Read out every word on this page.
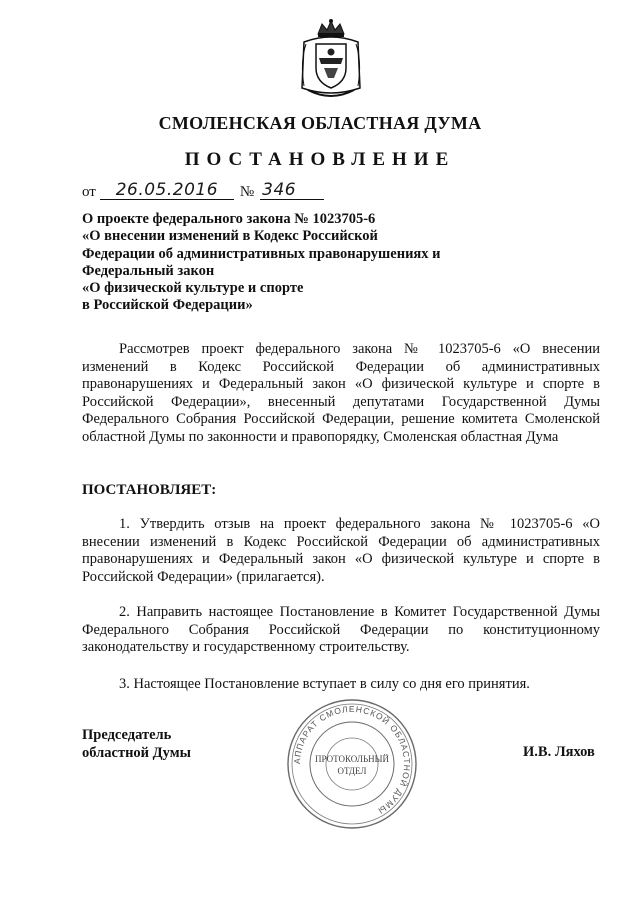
СМОЛЕНСКАЯ ОБЛАСТНАЯ ДУМА
ПОСТАНОВЛЕНИЕ
от	26.05.2016	№ 346
О проекте федерального закона № 1023705-6
«О внесении изменений в Кодекс Российской
Федерации об административных правонарушениях и
Федеральный закон
«О физической культуре и спорте
в Российской Федерации»
Рассмотрев проект федерального закона № 1023705-6 «О внесении изменений в Кодекс Российской Федерации об административных правонарушениях и Федеральный закон «О физической культуре и спорте в Российской Федерации», внесенный депутатами Государственной Думы Федерального Собрания Российской Федерации, решение комитета Смоленской областной Думы по законности и правопорядку, Смоленская областная Дума
ПОСТАНОВЛЯЕТ:
1. Утвердить отзыв на проект федерального закона № 1023705-6 «О внесении изменений в Кодекс Российской Федерации об административных правонарушениях и Федеральный закон «О физической культуре и спорте в Российской Федерации» (прилагается).
2. Направить настоящее Постановление в Комитет Государственной Думы Федерального Собрания Российской Федерации по конституционному законодательству и государственному строительству.
3. Настоящее Постановление вступает в силу со дня его принятия.
АППАРАТ СМОЛЕНСКОЙ ОБЛАСТНОЙ ДУМЫ
ПРОТОКОЛЬНЫЙ
ОТДЕЛ
Председатель
областной Думы	И.В. Ляхов
